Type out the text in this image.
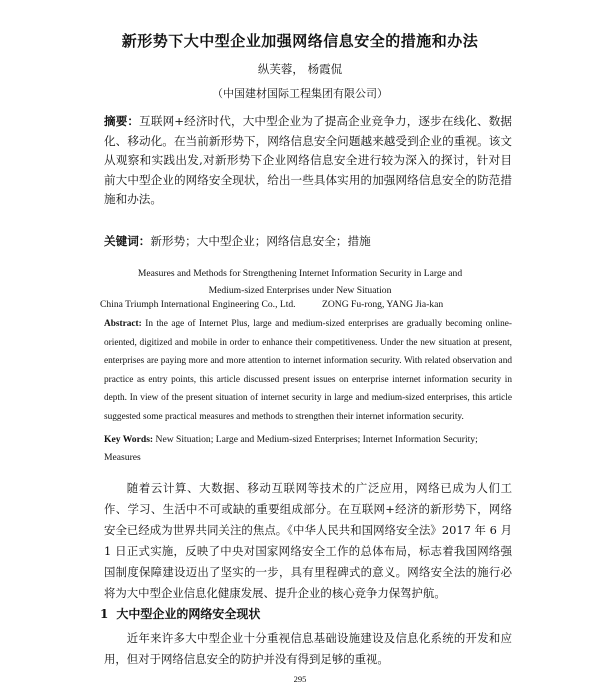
新形势下大中型企业加强网络信息安全的措施和办法
纵芙蓉， 杨霞侃
（中国建材国际工程集团有限公司）
摘要：互联网+经济时代，大中型企业为了提高企业竞争力，逐步在线化、数据化、移动化。在当前新形势下，网络信息安全问题越来越受到企业的重视。该文从观察和实践出发,对新形势下企业网络信息安全进行较为深入的探讨，针对目前大中型企业的网络安全现状，给出一些具体实用的加强网络信息安全的防范措施和办法。
关键词：新形势；大中型企业；网络信息安全；措施
Measures and Methods for Strengthening Internet Information Security in Large and
Medium-sized Enterprises under New Situation
China Triumph International Engineering Co., Ltd.	ZONG Fu-rong, YANG Jia-kan
Abstract: In the age of Internet Plus, large and medium-sized enterprises are gradually becoming online-oriented, digitized and mobile in order to enhance their competitiveness. Under the new situation at present, enterprises are paying more and more attention to internet information security. With related observation and practice as entry points, this article discussed present issues on enterprise internet information security in depth. In view of the present situation of internet security in large and medium-sized enterprises, this article suggested some practical measures and methods to strengthen their internet information security.
Key Words: New Situation; Large and Medium-sized Enterprises; Internet Information Security; Measures

随着云计算、大数据、移动互联网等技术的广泛应用，网络已成为人们工作、学习、生活中不可或缺的重要组成部分。在互联网+经济的新形势下，网络安全已经成为世界共同关注的焦点。《中华人民共和国网络安全法》2017 年 6 月 1 日正式实施，反映了中央对国家网络安全工作的总体布局，标志着我国网络强国制度保障建设迈出了坚实的一步，具有里程碑式的意义。网络安全法的施行必将为大中型企业信息化健康发展、提升企业的核心竞争力保驾护航。

1 大中型企业的网络安全现状

近年来许多大中型企业十分重视信息基础设施建设及信息化系统的开发和应用，但对于网络信息安全的防护并没有得到足够的重视。

295
